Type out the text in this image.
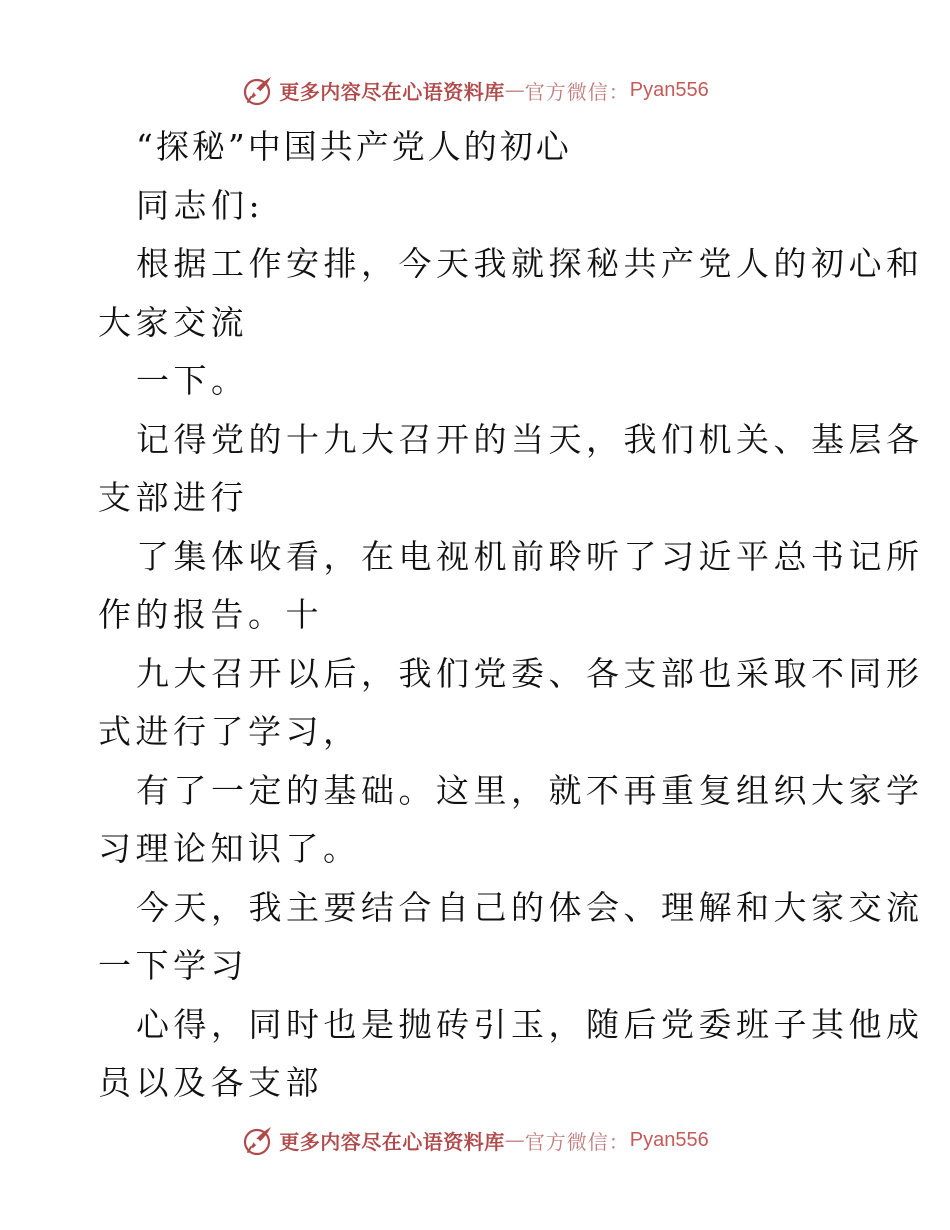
更多内容尽在心语资料库 — 官方微信： Pyan556
“探秘”中国共产党人的初心
同志们:
根据工作安排，今天我就探秘共产党人的初心和
大家交流
一下。
记得党的十九大召开的当天，我们机关、基层各
支部进行
了集体收看，在电视机前聆听了习近平总书记所
作的报告。十
九大召开以后，我们党委、各支部也采取不同形
式进行了学习，
有了一定的基础。这里，就不再重复组织大家学
习理论知识了。
今天，我主要结合自己的体会、理解和大家交流
一下学习
心得，同时也是抛砖引玉，随后党委班子其他成
员以及各支部
更多内容尽在心语资料库 — 官方微信： Pyan556
